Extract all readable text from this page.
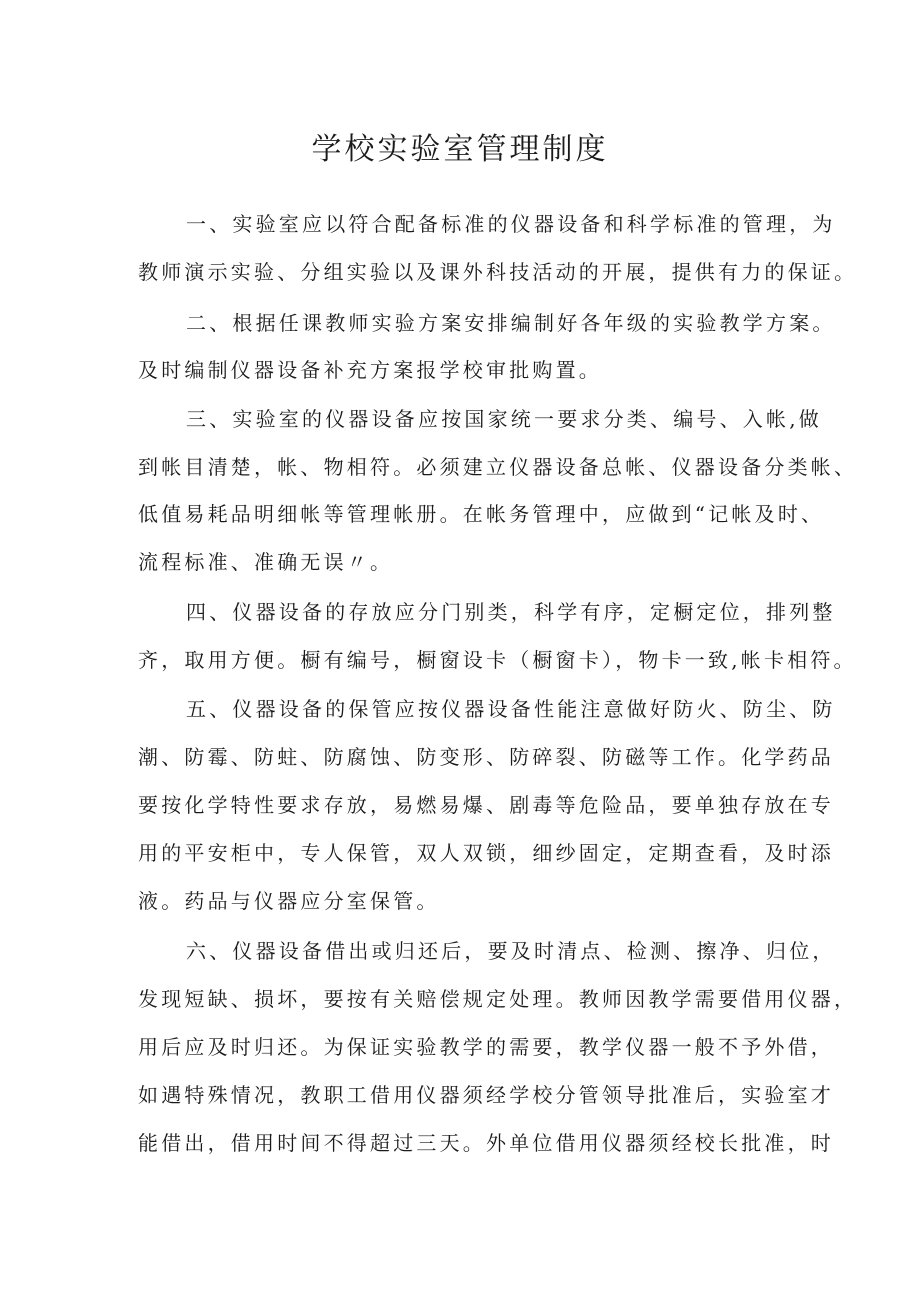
学校实验室管理制度
一、实验室应以符合配备标准的仪器设备和科学标准的管理，为
教师演示实验、分组实验以及课外科技活动的开展，提供有力的保证。
二、根据任课教师实验方案安排编制好各年级的实验教学方案。
及时编制仪器设备补充方案报学校审批购置。
三、实验室的仪器设备应按国家统一要求分类、编号、入帐,做
到帐目清楚，帐、物相符。必须建立仪器设备总帐、仪器设备分类帐、
低值易耗品明细帐等管理帐册。在帐务管理中，应做到“记帐及时、
流程标准、准确无误〃。
四、仪器设备的存放应分门别类，科学有序，定橱定位，排列整
齐，取用方便。橱有编号，橱窗设卡（橱窗卡），物卡一致,帐卡相符。
五、仪器设备的保管应按仪器设备性能注意做好防火、防尘、防
潮、防霉、防蛀、防腐蚀、防变形、防碎裂、防磁等工作。化学药品
要按化学特性要求存放，易燃易爆、剧毒等危险品，要单独存放在专
用的平安柜中，专人保管，双人双锁，细纱固定，定期查看，及时添
液。药品与仪器应分室保管。
六、仪器设备借出或归还后，要及时清点、检测、擦净、归位，
发现短缺、损坏，要按有关赔偿规定处理。教师因教学需要借用仪器，
用后应及时归还。为保证实验教学的需要，教学仪器一般不予外借，
如遇特殊情况，教职工借用仪器须经学校分管领导批准后，实验室才
能借出，借用时间不得超过三天。外单位借用仪器须经校长批准，时
